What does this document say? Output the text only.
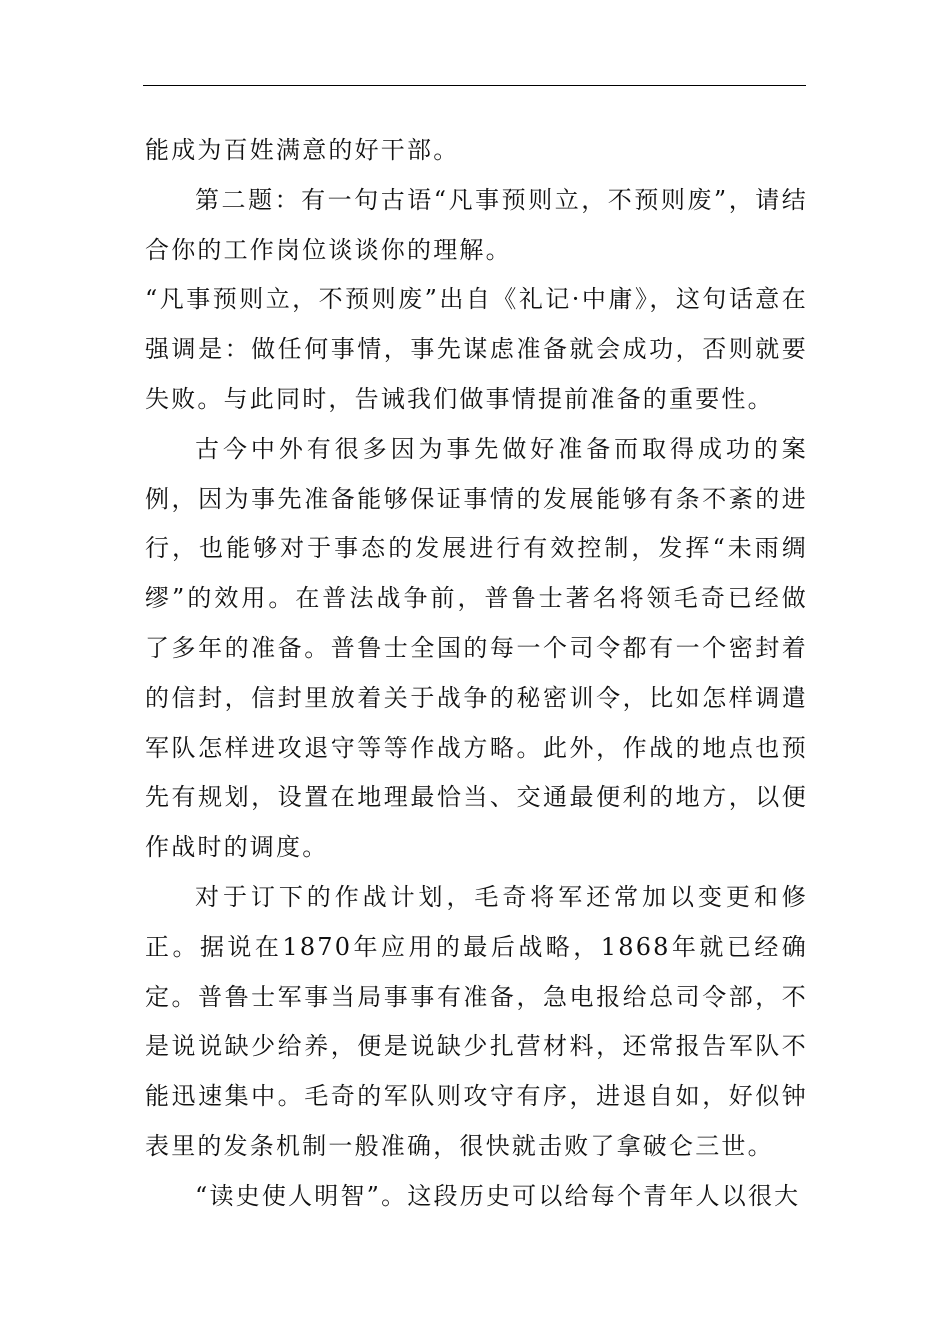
能成为百姓满意的好干部。

第二题：有一句古语“凡事预则立，不预则废”，请结合你的工作岗位谈谈你的理解。

“凡事预则立，不预则废”出自《礼记·中庸》，这句话意在强调是：做任何事情，事先谋虑准备就会成功，否则就要失败。与此同时，告诫我们做事情提前准备的重要性。

古今中外有很多因为事先做好准备而取得成功的案例，因为事先准备能够保证事情的发展能够有条不紊的进行，也能够对于事态的发展进行有效控制，发挥“未雨绸缪”的效用。在普法战争前，普鲁士著名将领毛奇已经做了多年的准备。普鲁士全国的每一个司令都有一个密封着的信封，信封里放着关于战争的秘密训令，比如怎样调遣军队怎样进攻退守等等作战方略。此外，作战的地点也预先有规划，设置在地理最恰当、交通最便利的地方，以便作战时的调度。

对于订下的作战计划，毛奇将军还常加以变更和修正。据说在1870年应用的最后战略，1868年就已经确定。普鲁士军事当局事事有准备，急电报给总司令部，不是说说缺少给养，便是说缺少扎营材料，还常报告军队不能迅速集中。毛奇的军队则攻守有序，进退自如，好似钟表里的发条机制一般准确，很快就击败了拿破仑三世。

“读史使人明智”。这段历史可以给每个青年人以很大
